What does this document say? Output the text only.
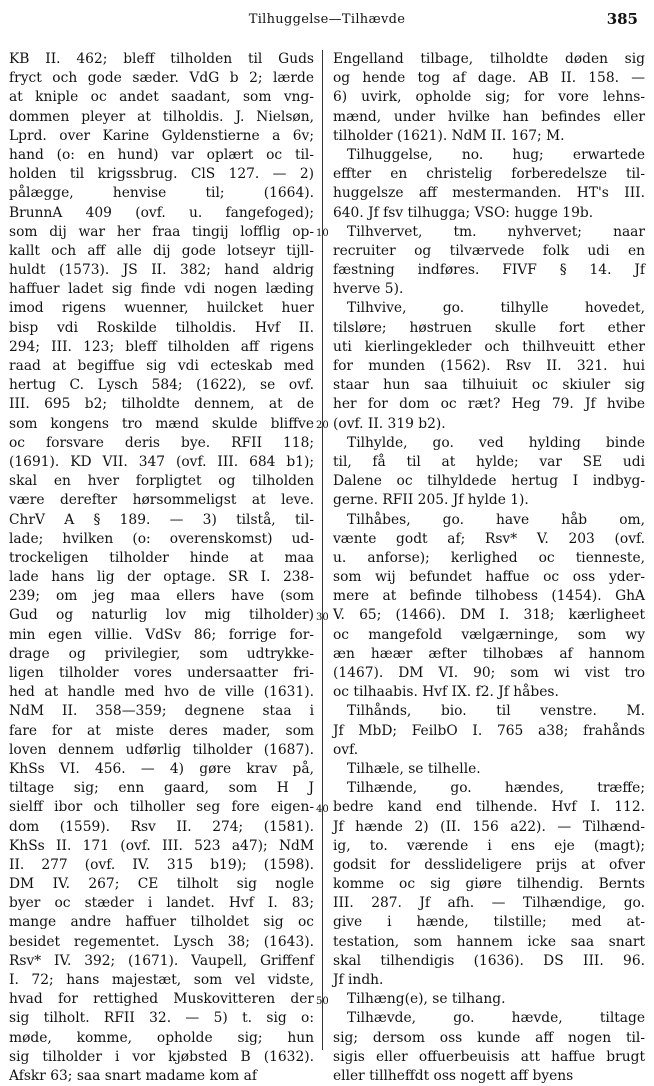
Tilhuggelse—Tilhævde	385
KB II. 462; bleff tilholden til Guds
fryct och gode sæder. VdG b 2; lærde
at kniple oc andet saadant, som vng-
dommen pleyer at tilholdis. J. Nielsøn,
Lprd. over Karine Gyldenstierne a 6v;
hand (o: en hund) var oplært oc til-
holden til krigssbrug. ClS 127. — 2)
pålægge, henvise til; (1664).
BrunnA 409 (ovf. u. fangefoged);
som dij war her fraa tingij lofflig op-
kallt och aff alle dij gode lotseyr tijll-
huldt (1573). JS II. 382; hand aldrig
haffuer ladet sig finde vdi nogen læding
imod rigens wuenner, huilcket huer
bisp vdi Roskilde tilholdis. Hvf II.
294; III. 123; bleff tilholden aff rigens
raad at begiffue sig vdi ecteskab med
hertug C. Lysch 584; (1622), se ovf.
III. 695 b2; tilholdte dennem, at de
som kongens tro mænd skulde bliffve
oc forsvare deris bye. RFII 118;
(1691). KD VII. 347 (ovf. III. 684 b1);
skal en hver forpligtet og tilholden
være derefter hørsommeligst at leve.
ChrV A § 189. — 3) tilstå, til-
lade; hvilken (o: overenskomst) ud-
trockeligen tilholder hinde at maa
lade hans lig der optage. SR I. 238-
239; om jeg maa ellers have (som
Gud og naturlig lov mig tilholder)
min egen villie. VdSv 86; forrige for-
drage og privilegier, som udtrykke-
ligen tilholder vores undersaatter fri-
hed at handle med hvo de ville (1631).
NdM II. 358—359; degnene staa i
fare for at miste deres mader, som
loven dennem udførlig tilholder (1687).
KhSs VI. 456. — 4) gøre krav på,
tiltage sig; enn gaard, som H J
sielff ibor och tilholler seg fore eigen-
dom (1559). Rsv II. 274; (1581).
KhSs II. 171 (ovf. III. 523 a47); NdM
II. 277 (ovf. IV. 315 b19); (1598).
DM IV. 267; CE tilholt sig nogle
byer oc stæder i landet. Hvf I. 83;
mange andre haffuer tilholdet sig oc
besidet regementet. Lysch 38; (1643).
Rsv* IV. 392; (1671). Vaupell, Griffenf
I. 72; hans majestæt, som vel vidste,
hvad for rettighed Muskovitteren der
sig tilholt. RFII 32. — 5) t. sig o:
møde, komme, opholde sig; hun
sig tilholder i vor kjøbsted B (1632).
Afskr 63; saa snart madame kom af
Engelland tilbage, tilholdte døden sig
og hende tog af dage. AB II. 158. —
6) uvirk, opholde sig; for vore lehns-
mænd, under hvilke han befindes eller
tilholder (1621). NdM II. 167; M.
Tilhuggelse, no. hug; erwartede
effter en christelig forberedelsze til-
huggelsze aff mestermanden. HT's III.
640. Jf fsv tilhugga; VSO: hugge 19b.
Tilhvervet, tm. nyhvervet; naar
recruiter og tilværvede folk udi en
fæstning indføres. FIVF § 14. Jf
hverve 5).
Tilhvive, go. tilhylle hovedet,
tilsløre; høstruen skulle fort ether
uti kierlingekleder och thilhveuitt ether
for munden (1562). Rsv II. 321. hui
staar hun saa tilhuiuit oc skiuler sig
her for dom oc ræt? Heg 79. Jf hvibe
(ovf. II. 319 b2).
Tilhylde, go. ved hylding binde
til, få til at hylde; var SE udi
Dalene oc tilhyldede hertug I indbyg-
gerne. RFII 205. Jf hylde 1).
Tilhåbes, go. have håb om,
vænte godt af; Rsv* V. 203 (ovf.
u. anforse); kerlighed oc tienneste,
som wij befundet haffue oc oss yder-
mere at befinde tilhobess (1454). GhA
V. 65; (1466). DM I. 318; kærligheet
oc mangefold vælgærninge, som wy
æn hæær æfter tilhobæs af hannom
(1467). DM VI. 90; som wi vist tro
oc tilhaabis. Hvf IX. f2. Jf håbes.
Tilhånds, bio. til venstre. M.
Jf MbD; FeilbO I. 765 a38; frahånds
ovf.
Tilhæle, se tilhelle.
Tilhænde, go. hændes, træffe;
bedre kand end tilhende. Hvf I. 112.
Jf hænde 2) (II. 156 a22). — Tilhænd-
ig, to. værende i ens eje (magt);
godsit for desslideligere prijs at ofver
komme oc sig giøre tilhendig. Bernts
III. 287. Jf afh. — Tilhændige, go.
give i hænde, tilstille; med at-
testation, som hannem icke saa snart
skal tilhendigis (1636). DS III. 96.
Jf indh.
Tilhæng(e), se tilhang.
Tilhævde, go. hævde, tiltage
sig; dersom oss kunde aff nogen til-
sigis eller offuerbeuisis att haffue brugt
eller tillheffdt oss nogett aff byens
10
20
30
40
50
